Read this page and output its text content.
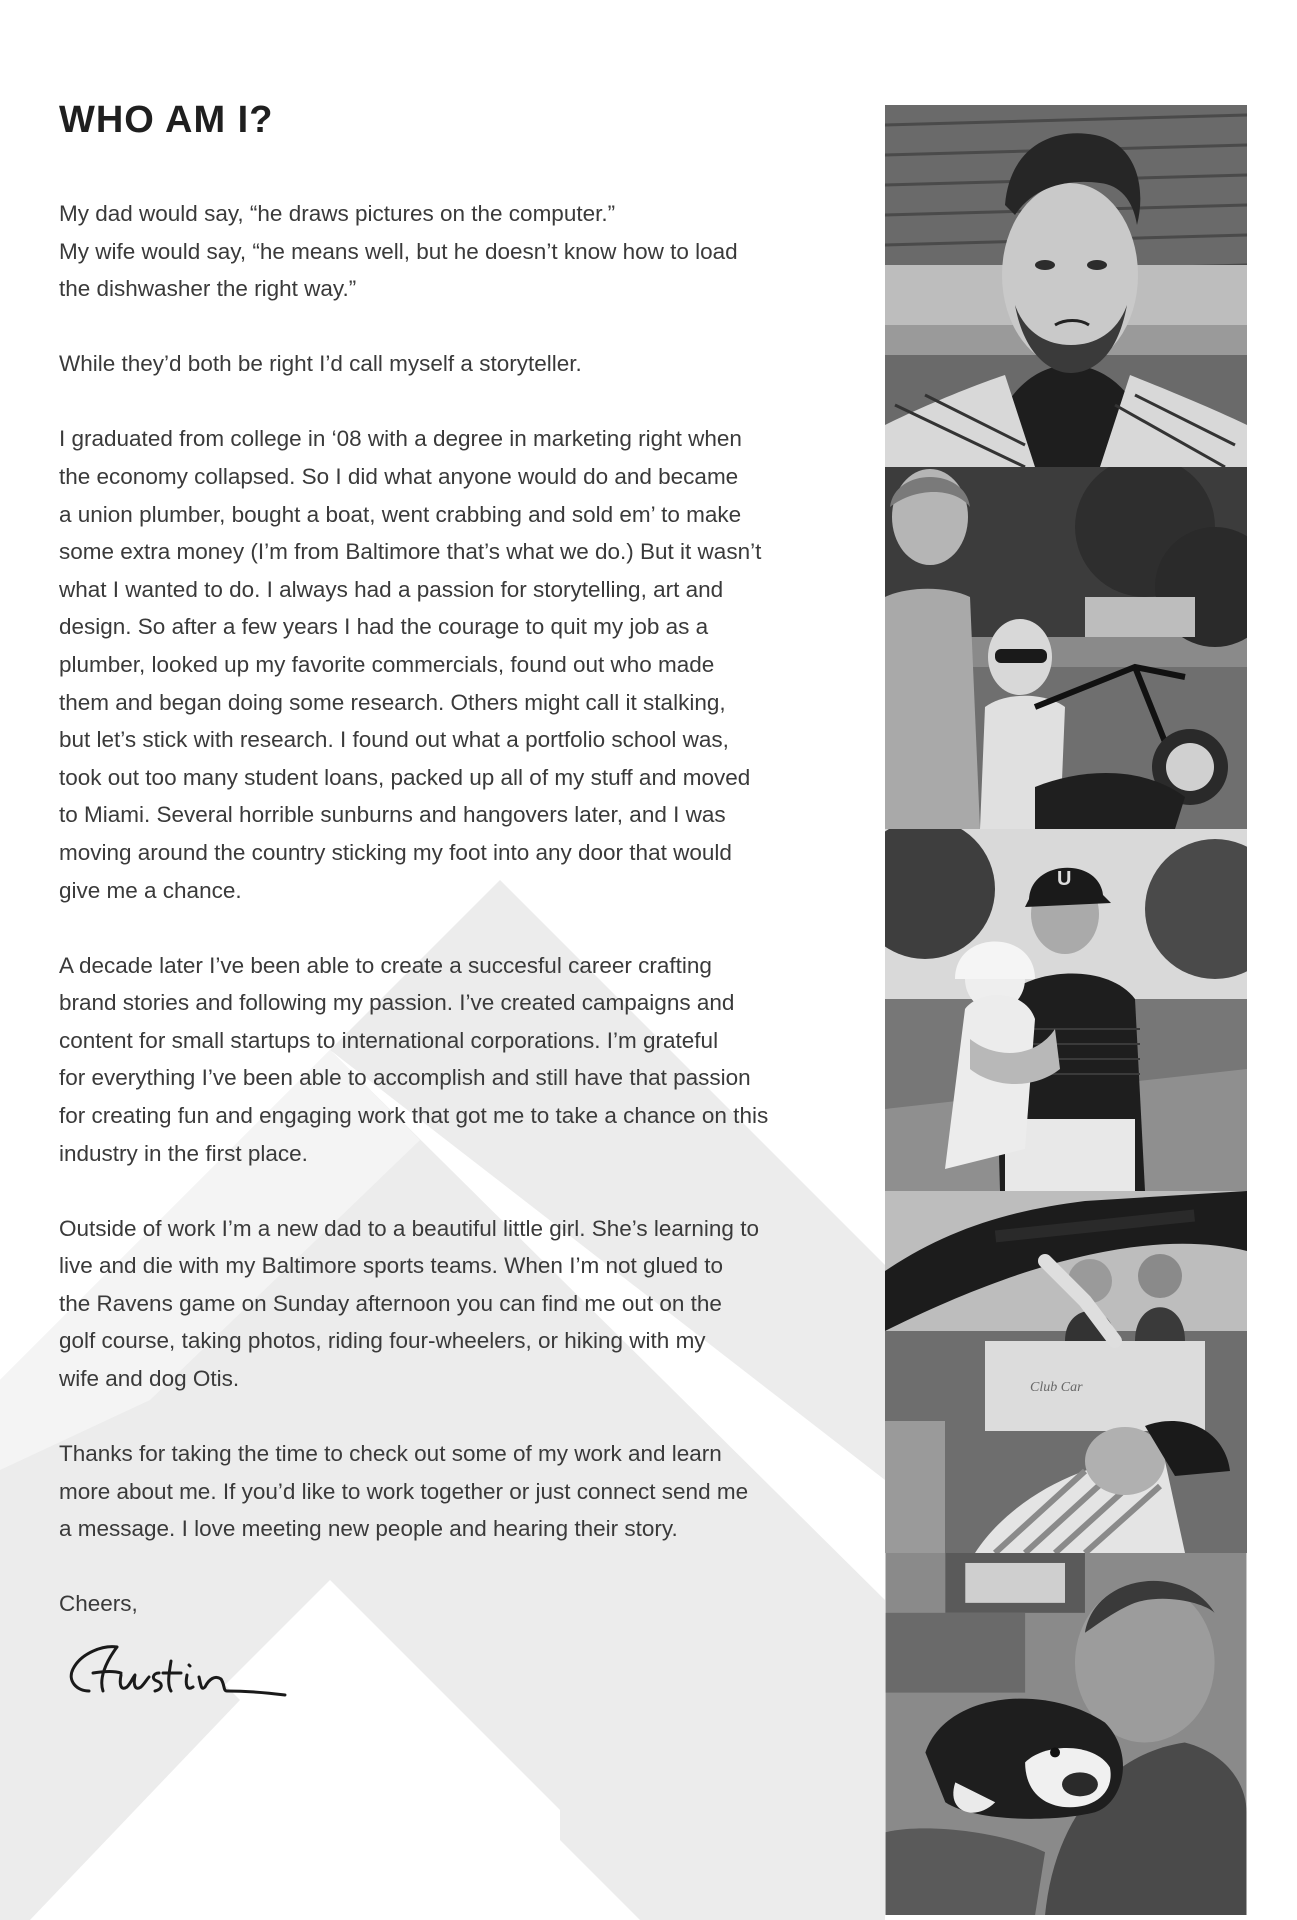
WHO AM I?

My dad would say, “he draws pictures on the computer.”
My wife would say, “he means well, but he doesn’t know how to load
the dishwasher the right way.”

While they’d both be right I’d call myself a storyteller.

I graduated from college in ‘08 with a degree in marketing right when
the economy collapsed. So I did what anyone would do and became
a union plumber, bought a boat, went crabbing and sold em’ to make
some extra money (I’m from Baltimore that’s what we do.) But it wasn’t
what I wanted to do. I always had a passion for storytelling, art and
design. So after a few years I had the courage to quit my job as a
plumber, looked up my favorite commercials, found out who made
them and began doing some research. Others might call it stalking,
but let’s stick with research. I found out what a portfolio school was,
took out too many student loans, packed up all of my stuff and moved
to Miami. Several horrible sunburns and hangovers later, and I was
moving around the country sticking my foot into any door that would
give me a chance.

A decade later I’ve been able to create a succesful career crafting
brand stories and following my passion. I’ve created campaigns and
content for small startups to international corporations. I’m grateful
for everything I’ve been able to accomplish and still have that passion
for creating fun and engaging work that got me to take a chance on this
industry in the first place.

Outside of work I’m a new dad to a beautiful little girl. She’s learning to
live and die with my Baltimore sports teams. When I’m not glued to
the Ravens game on Sunday afternoon you can find me out on the
golf course, taking photos, riding four-wheelers, or hiking with my
wife and dog Otis.

Thanks for taking the time to check out some of my work and learn
more about me. If you’d like to work together or just connect send me
a message. I love meeting new people and hearing their story.

Cheers,

U
Club Car
